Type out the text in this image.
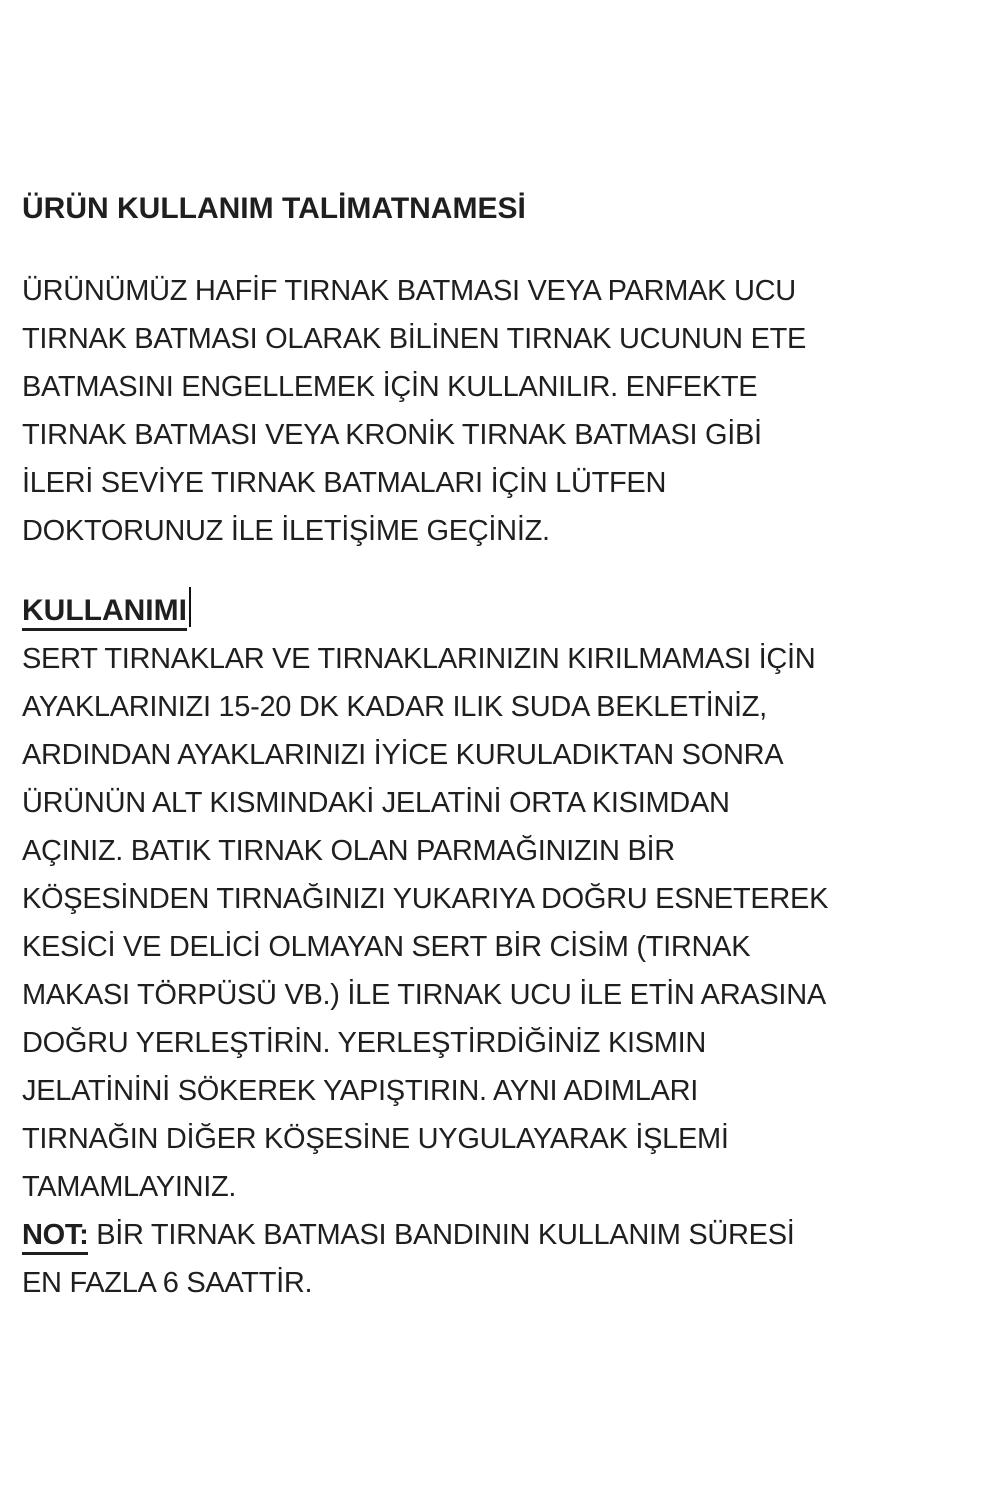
ÜRÜN KULLANIM TALİMATNAMESİ
ÜRÜNÜMÜZ HAFİF TIRNAK BATMASI VEYA PARMAK UCU
TIRNAK BATMASI OLARAK BİLİNEN TIRNAK UCUNUN ETE
BATMASINI ENGELLEMEK İÇİN KULLANILIR. ENFEKTE
TIRNAK BATMASI VEYA KRONİK TIRNAK BATMASI GİBİ
İLERİ SEVİYE TIRNAK BATMALARI İÇİN LÜTFEN
DOKTORUNUZ İLE İLETİŞİME GEÇİNİZ.
KULLANIMI
SERT TIRNAKLAR VE TIRNAKLARINIZIN KIRILMAMASI İÇİN
AYAKLARINIZI 15-20 DK KADAR ILIK SUDA BEKLETİNİZ,
ARDINDAN AYAKLARINIZI İYİCE KURULADIKTAN SONRA
ÜRÜNÜN ALT KISMINDAKİ JELATİNİ ORTA KISIMDAN
AÇINIZ. BATIK TIRNAK OLAN PARMAĞINIZIN BİR
KÖŞESİNDEN TIRNAĞINIZI YUKARIYA DOĞRU ESNETEREK
KESİCİ VE DELİCİ OLMAYAN SERT BİR CİSİM (TIRNAK
MAKASI TÖRPÜSÜ VB.) İLE TIRNAK UCU İLE ETİN ARASINA
DOĞRU YERLEŞTİRİN. YERLEŞTİRDİĞİNİZ KISMIN
JELATİNİNİ SÖKEREK YAPIŞTIRIN. AYNI ADIMLARI
TIRNAĞIN DİĞER KÖŞESİNE UYGULAYARAK İŞLEMİ
TAMAMLAYINIZ.
NOT: BİR TIRNAK BATMASI BANDININ KULLANIM SÜRESİ
EN FAZLA 6 SAATTİR.
